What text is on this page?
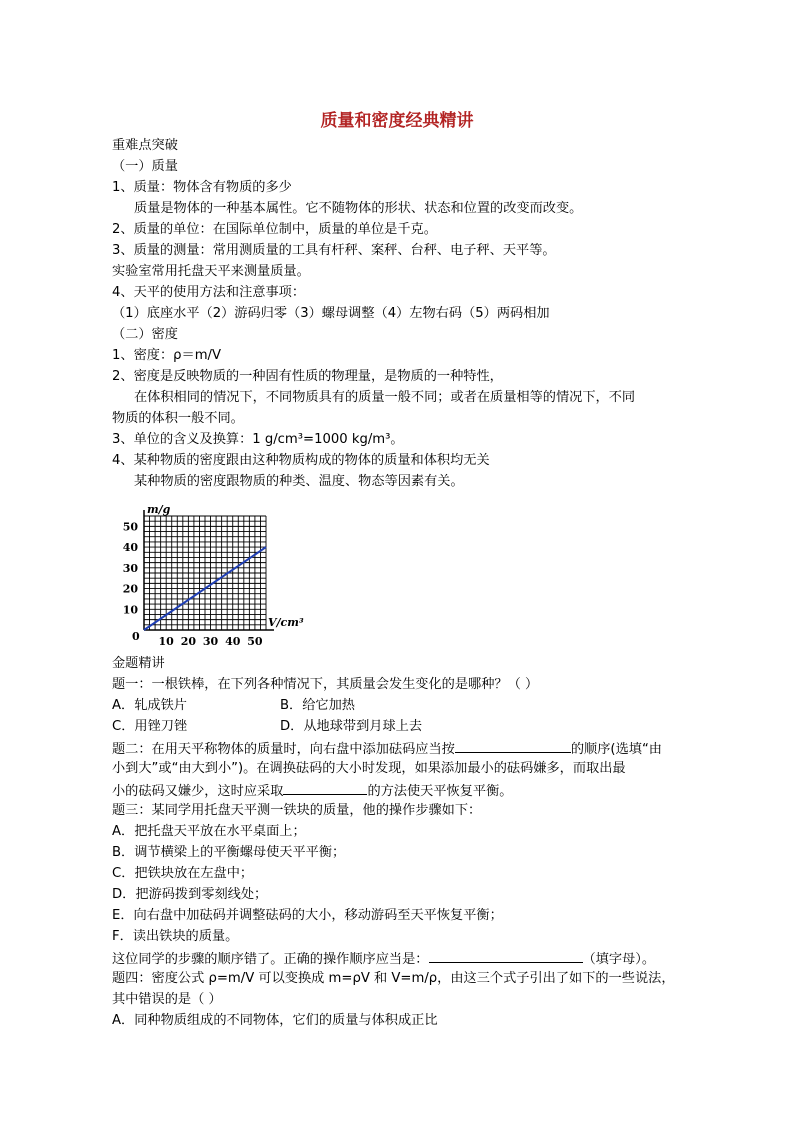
质量和密度经典精讲
重难点突破
（一）质量
1、质量：物体含有物质的多少
质量是物体的一种基本属性。它不随物体的形状、状态和位置的改变而改变。
2、质量的单位：在国际单位制中，质量的单位是千克。
3、质量的测量：常用测质量的工具有杆秤、案秤、台秤、电子秤、天平等。
实验室常用托盘天平来测量质量。
4、天平的使用方法和注意事项：
（1）底座水平（2）游码归零（3）螺母调整（4）左物右码（5）两码相加
（二）密度
1、密度：ρ＝m/V
2、密度是反映物质的一种固有性质的物理量，是物质的一种特性，
在体积相同的情况下，不同物质具有的质量一般不同；或者在质量相等的情况下，不同
物质的体积一般不同。
3、单位的含义及换算：1 g/cm³=1000 kg/m³。
4、某种物质的密度跟由这种物质构成的物体的质量和体积均无关
某种物质的密度跟物质的种类、温度、物态等因素有关。
10 20 30 40 50
10
20
30
40
50
m/g
V/cm³
0
金题精讲
题一：一根铁棒，在下列各种情况下，其质量会发生变化的是哪种？（ ）
A．轧成铁片	B．给它加热
C．用锉刀锉	D．从地球带到月球上去
题二：在用天平称物体的质量时，向右盘中添加砝码应当按	的顺序(选填“由
小到大”或“由大到小”)。在调换砝码的大小时发现，如果添加最小的砝码嫌多，而取出最
小的砝码又嫌少，这时应采取	的方法使天平恢复平衡。
题三：某同学用托盘天平测一铁块的质量，他的操作步骤如下：
A．把托盘天平放在水平桌面上；
B．调节横梁上的平衡螺母使天平平衡；
C．把铁块放在左盘中；
D．把游码拨到零刻线处；
E．向右盘中加砝码并调整砝码的大小，移动游码至天平恢复平衡；
F．读出铁块的质量。
这位同学的步骤的顺序错了。正确的操作顺序应当是：	（填字母）。
题四：密度公式 ρ=m/V 可以变换成 m=ρV 和 V=m/ρ，由这三个式子引出了如下的一些说法，
其中错误的是（ ）
A．同种物质组成的不同物体，它们的质量与体积成正比
